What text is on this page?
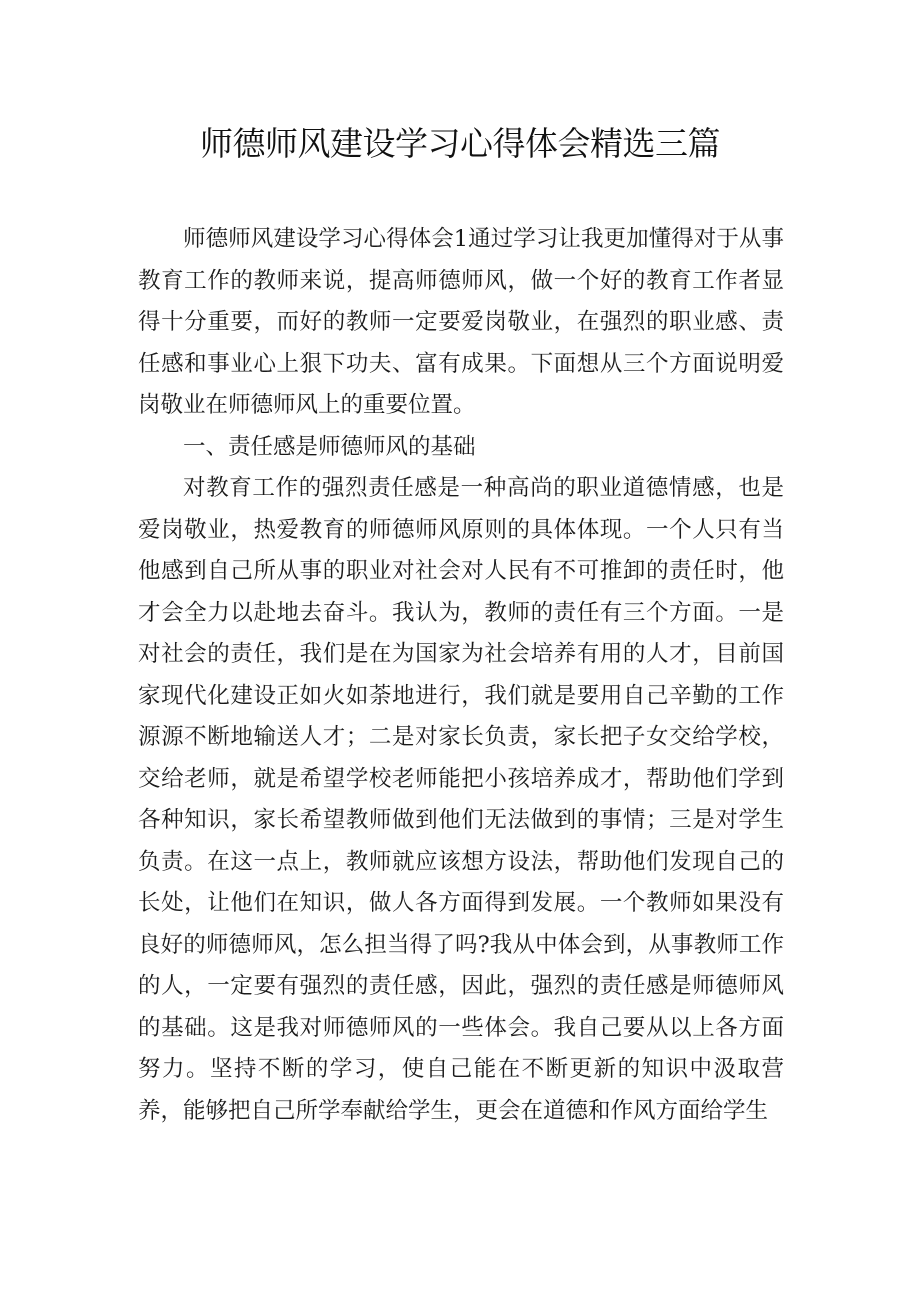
师德师风建设学习心得体会精选三篇

师德师风建设学习心得体会1通过学习让我更加懂得对于从事教育工作的教师来说，提高师德师风，做一个好的教育工作者显得十分重要，而好的教师一定要爱岗敬业，在强烈的职业感、责任感和事业心上狠下功夫、富有成果。下面想从三个方面说明爱岗敬业在师德师风上的重要位置。

一、责任感是师德师风的基础

对教育工作的强烈责任感是一种高尚的职业道德情感，也是爱岗敬业，热爱教育的师德师风原则的具体体现。一个人只有当他感到自己所从事的职业对社会对人民有不可推卸的责任时，他才会全力以赴地去奋斗。我认为，教师的责任有三个方面。一是对社会的责任，我们是在为国家为社会培养有用的人才，目前国家现代化建设正如火如荼地进行，我们就是要用自己辛勤的工作源源不断地输送人才；二是对家长负责，家长把子女交给学校，交给老师，就是希望学校老师能把小孩培养成才，帮助他们学到各种知识，家长希望教师做到他们无法做到的事情；三是对学生负责。在这一点上，教师就应该想方设法，帮助他们发现自己的长处，让他们在知识，做人各方面得到发展。一个教师如果没有良好的师德师风，怎么担当得了吗?我从中体会到，从事教师工作的人，一定要有强烈的责任感，因此，强烈的责任感是师德师风的基础。这是我对师德师风的一些体会。我自己要从以上各方面努力。坚持不断的学习，使自己能在不断更新的知识中汲取营养，能够把自己所学奉献给学生，更会在道德和作风方面给学生
